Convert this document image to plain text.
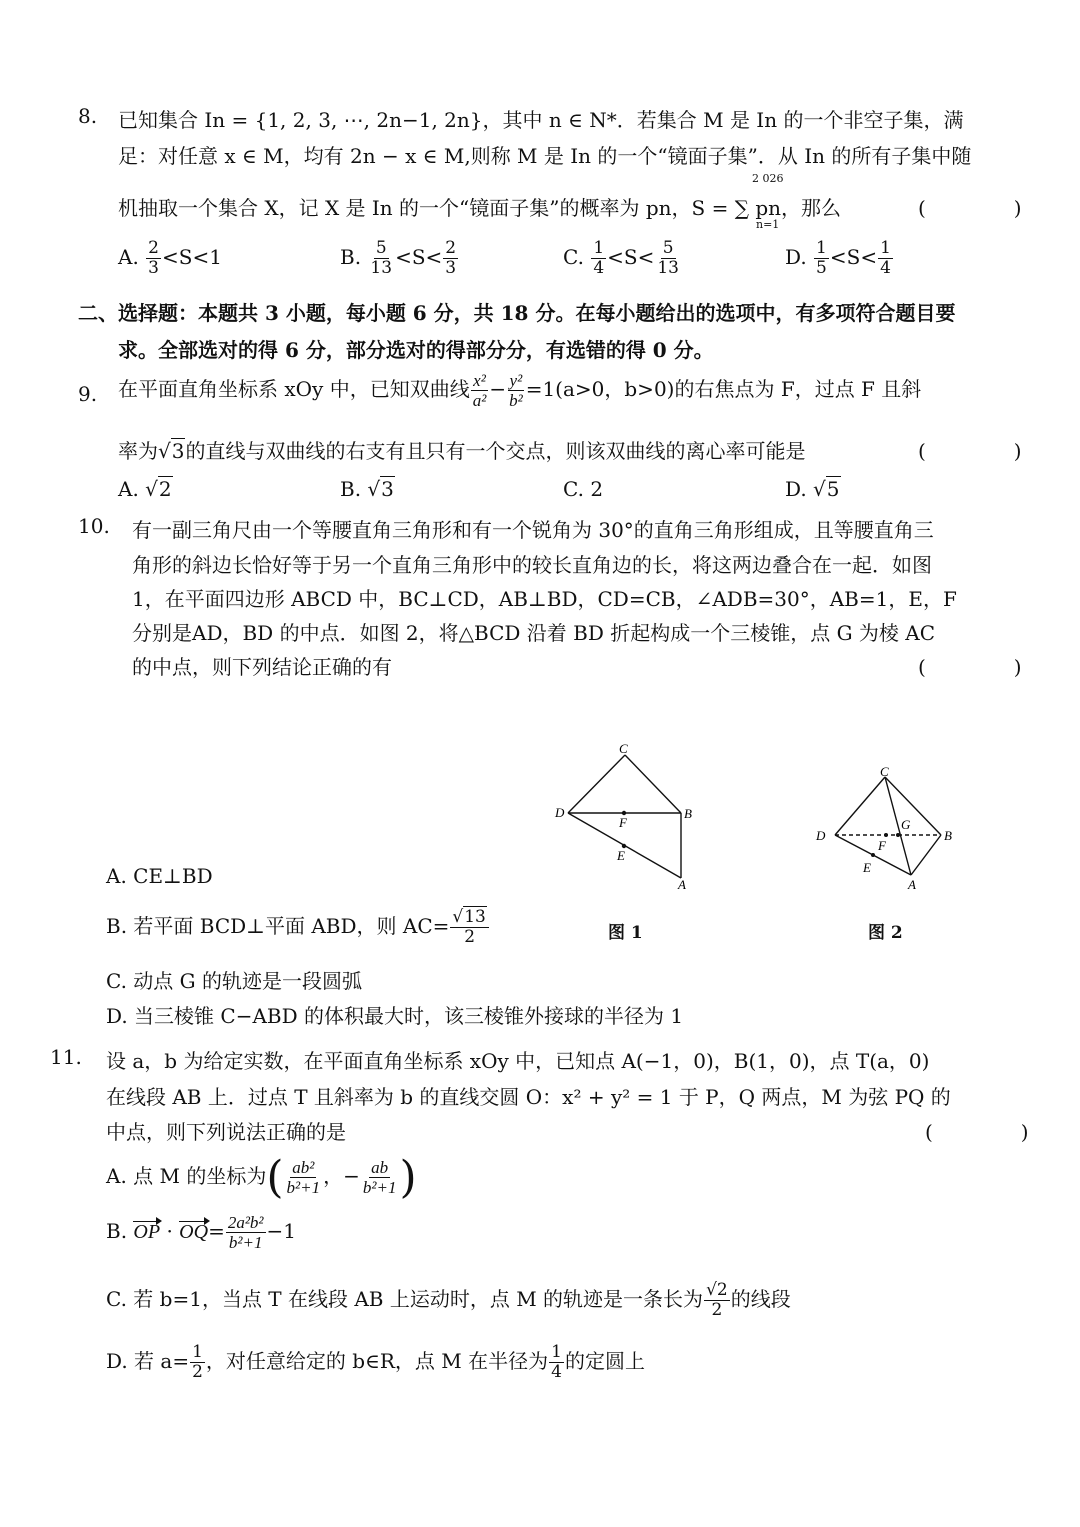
8. 已知集合 In = {1, 2, 3, ⋯, 2n−1, 2n}，其中 n ∈ N*．若集合 M 是 In 的一个非空子集，满
足：对任意 x ∈ M，均有 2n − x ∈ M,则称 M 是 In 的一个“镜面子集”．从 In 的所有子集中随
机抽取一个集合 X，记 X 是 In 的一个“镜面子集”的概率为 pn，S = ∑ pn，那么
2 026
n=1
(　)
A. $\frac{2}{3} <S<1$	B. $\frac{5}{13} <S< \frac{2}{3}$	C. $\frac{1}{4} <S< \frac{5}{13}$	D. $\frac{1}{5} <S< \frac{1}{4}$
二、选择题：本题共 3 小题，每小题 6 分，共 18 分。在每小题给出的选项中，有多项符合题目要
求。全部选对的得 6 分，部分选对的得部分分，有选错的得 0 分。
9. 在平面直角坐标系 xOy 中，已知双曲线 $\frac{\text{x²}}{\text{a²}} - \frac{\text{y²}}{\text{b²}} =1(a>0$，b>0)的右焦点为 F，过点 F 且斜
率为√3的直线与双曲线的右支有且只有一个交点，则该双曲线的离心率可能是	(　)
A. √2	B. √3	C. 2	D. √5
10. 有一副三角尺由一个等腰直角三角形和有一个锐角为 30°的直角三角形组成，且等腰直角三
角形的斜边长恰好等于另一个直角三角形中的较长直角边的长，将这两边叠合在一起．如图
1，在平面四边形 ABCD 中，BC⊥CD，AB⊥BD，CD=CB，∠ADB=30°，AB=1，E，F
分别是AD，BD 的中点．如图 2，将△BCD 沿着 BD 折起构成一个三棱锥，点 G 为棱 AC
的中点，则下列结论正确的有	(　)
C
D	B
F
E
A
C
D	B
F
G
E
A
A. CE⊥BD
B. 若平面 BCD⊥平面 ABD，则 $AC= \frac{√13}{2}$	图 1	图 2
C. 动点 G 的轨迹是一段圆弧
D. 当三棱锥 C−ABD 的体积最大时，该三棱锥外接球的半径为 1
11. 设 a，b 为给定实数，在平面直角坐标系 xOy 中，已知点 A(−1，0)，B(1，0)，点 T(a，0)
在线段 AB 上．过点 T 且斜率为 b 的直线交圆 O：x² + y² = 1 于 P，Q 两点，M 为弦 PQ 的
中点，则下列说法正确的是	(　)
A. 点 M 的坐标为( $\frac{\text{ab²}}{\text{b²+1}}$ ，− $\frac{ab}{\text{b²+1}}$ )
B. OP · $OQ= \frac{\text{2a²b²}}{\text{b²+1}} -1$
C. 若 b=1，当点 T 在线段 AB 上运动时，点 M 的轨迹是一条长为 $\frac{√2}{2}$ 的线段
D. 若 $a= \frac{1}{2}$ ，对任意给定的 b∈R，点 M 在半径为 $\frac{1}{4}$ 的定圆上
